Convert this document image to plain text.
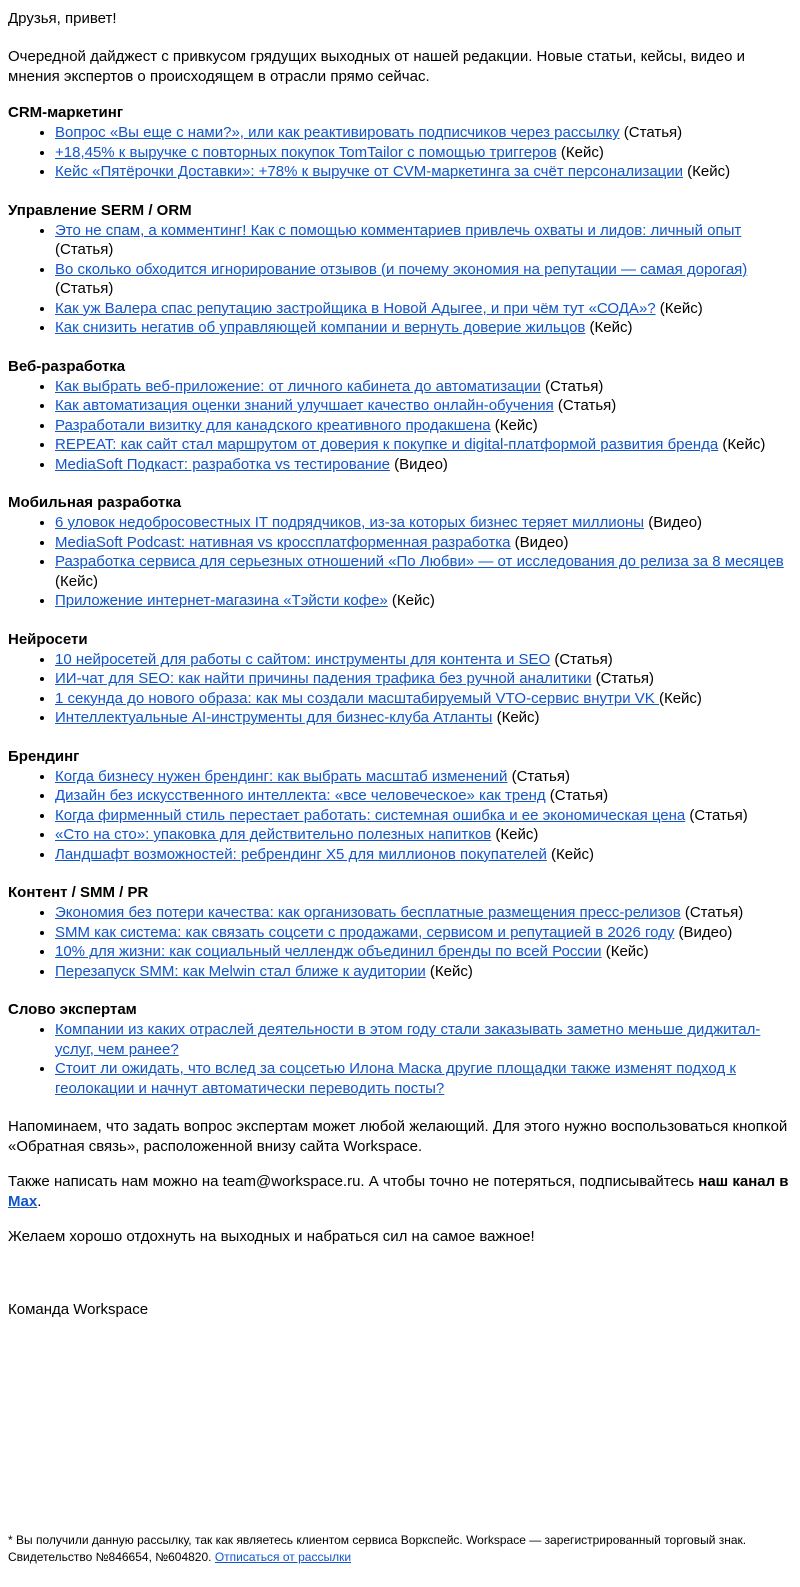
Друзья, привет!

Очередной дайджест с привкусом грядущих выходных от нашей редакции. Новые статьи, кейсы, видео и мнения экспертов о происходящем в отрасли прямо сейчас.

CRM-маркетинг
• Вопрос «Вы еще с нами?», или как реактивировать подписчиков через рассылку (Статья)
• +18,45% к выручке с повторных покупок TomTailor с помощью триггеров (Кейс)
• Кейс «Пятёрочки Доставки»: +78% к выручке от CVM-маркетинга за счёт персонализации (Кейс)
Управление SERM / ORM
• Это не спам, а комментинг! Как с помощью комментариев привлечь охваты и лидов: личный опыт (Статья)
• Во сколько обходится игнорирование отзывов (и почему экономия на репутации — самая дорогая) (Статья)
• Как уж Валера спас репутацию застройщика в Новой Адыгее, и при чём тут «СОДА»? (Кейс)
• Как снизить негатив об управляющей компании и вернуть доверие жильцов (Кейс)
Веб-разработка
• Как выбрать веб-приложение: от личного кабинета до автоматизации (Статья)
• Как автоматизация оценки знаний улучшает качество онлайн-обучения (Статья)
• Разработали визитку для канадского креативного продакшена (Кейс)
• REPEAT: как сайт стал маршрутом от доверия к покупке и digital-платформой развития бренда (Кейс)
• MediaSoft Подкаст: разработка vs тестирование (Видео)
Мобильная разработка
• 6 уловок недобросовестных IT подрядчиков, из-за которых бизнес теряет миллионы (Видео)
• MediaSoft Podcast: нативная vs кроссплатформенная разработка (Видео)
• Разработка сервиса для серьезных отношений «По Любви» — от исследования до релиза за 8 месяцев (Кейс)
• Приложение интернет-магазина «Тэйсти кофе» (Кейс)
Нейросети
• 10 нейросетей для работы с сайтом: инструменты для контента и SEO (Статья)
• ИИ-чат для SEO: как найти причины падения трафика без ручной аналитики (Статья)
• 1 секунда до нового образа: как мы создали масштабируемый VTO-сервис внутри VK (Кейс)
• Интеллектуальные AI-инструменты для бизнес-клуба Атланты (Кейс)
Брендинг
• Когда бизнесу нужен брендинг: как выбрать масштаб изменений (Статья)
• Дизайн без искусственного интеллекта: «все человеческое» как тренд (Статья)
• Когда фирменный стиль перестает работать: системная ошибка и ее экономическая цена (Статья)
• «Сто на сто»: упаковка для действительно полезных напитков (Кейс)
• Ландшафт возможностей: ребрендинг X5 для миллионов покупателей (Кейс)
Контент / SMM / PR
• Экономия без потери качества: как организовать бесплатные размещения пресс-релизов (Статья)
• SMM как система: как связать соцсети с продажами, сервисом и репутацией в 2026 году (Видео)
• 10% для жизни: как социальный челлендж объединил бренды по всей России (Кейс)
• Перезапуск SMM: как Melwin стал ближе к аудитории (Кейс)
Слово экспертам
• Компании из каких отраслей деятельности в этом году стали заказывать заметно меньше диджитал-услуг, чем ранее?
• Стоит ли ожидать, что вслед за соцсетью Илона Маска другие площадки также изменят подход к геолокации и начнут автоматически переводить посты?

Напоминаем, что задать вопрос экспертам может любой желающий. Для этого нужно воспользоваться кнопкой «Обратная связь», расположенной внизу сайта Workspace.

Также написать нам можно на team@workspace.ru. А чтобы точно не потеряться, подписывайтесь наш канал в Max.

Желаем хорошо отдохнуть на выходных и набраться сил на самое важное!

Команда Workspace

* Вы получили данную рассылку, так как являетесь клиентом сервиса Воркспейс. Workspace — зарегистрированный торговый знак. Свидетельство №846654, №604820. Отписаться от рассылки
